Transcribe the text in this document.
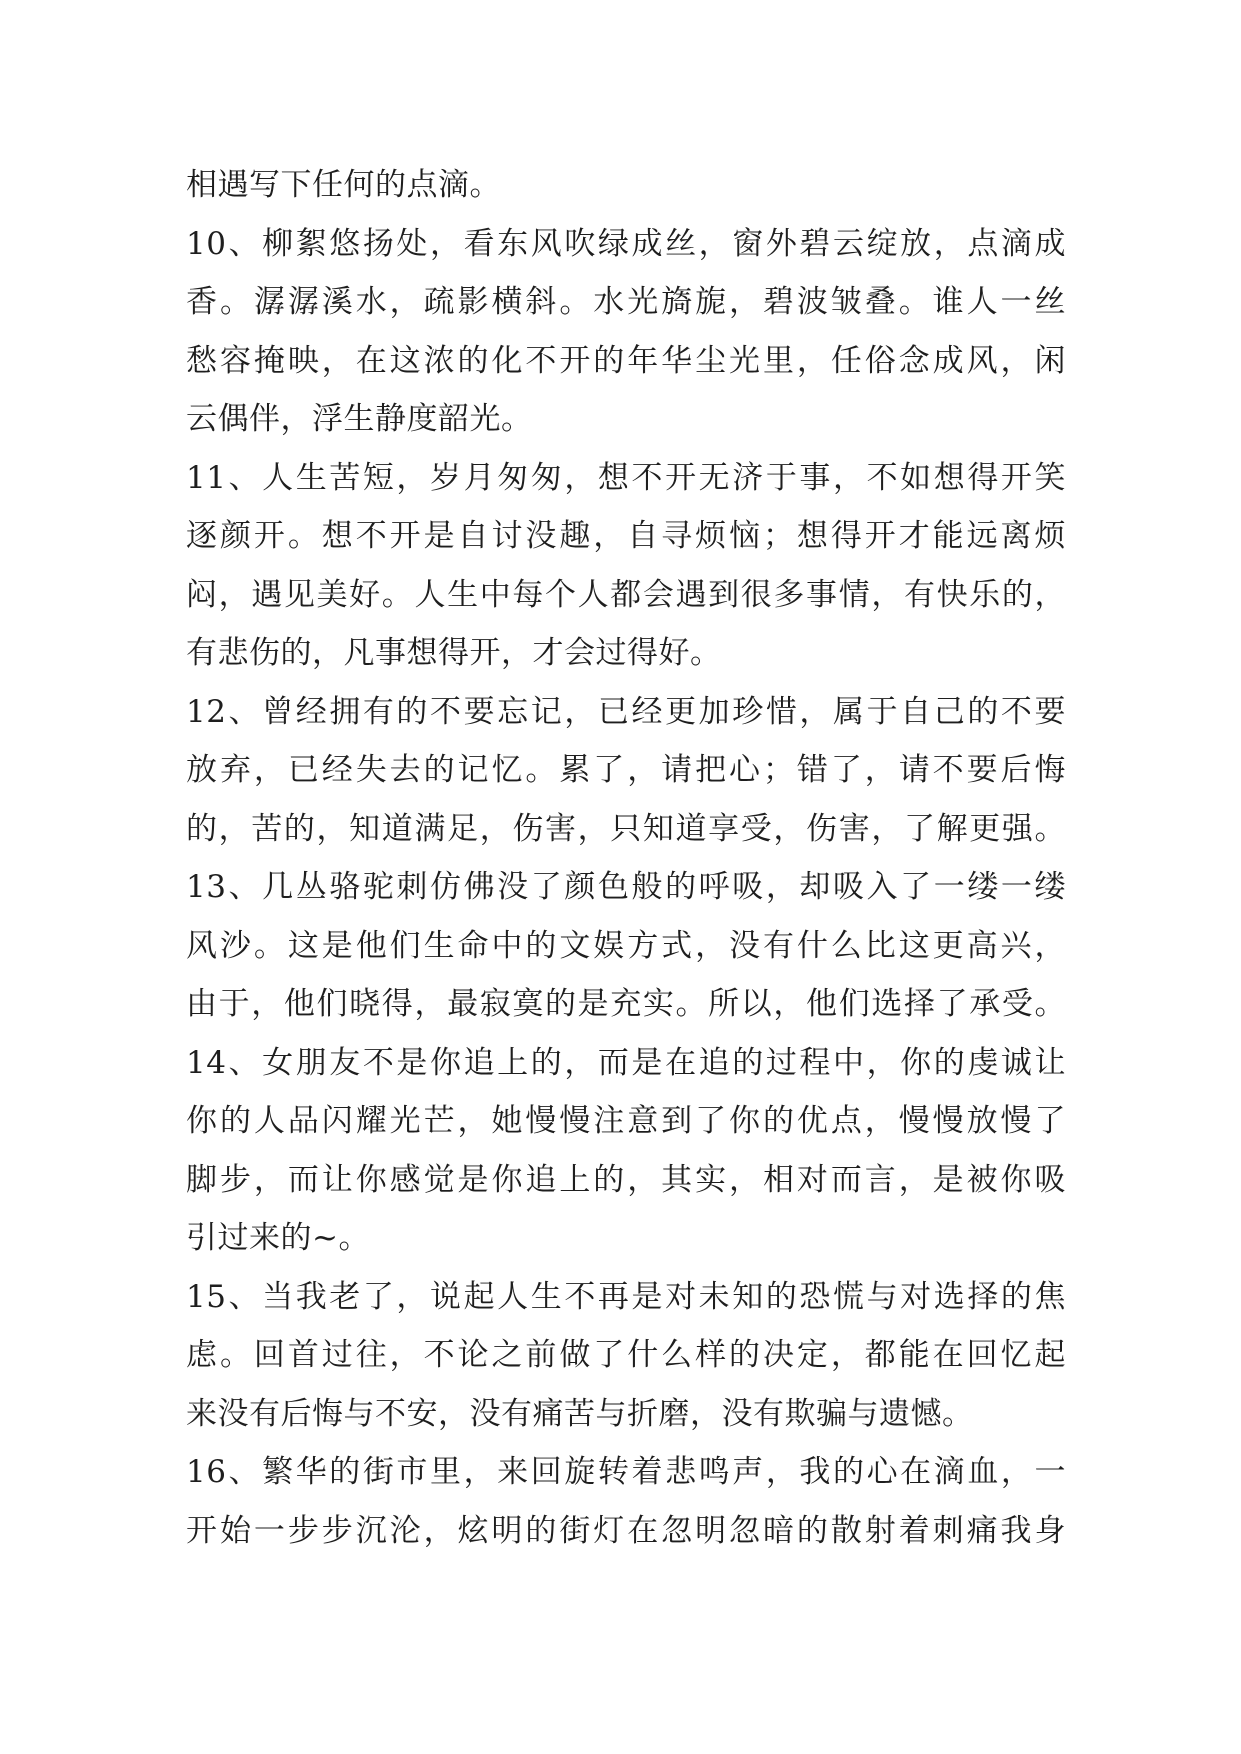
相遇写下任何的点滴。
10、柳絮悠扬处，看东风吹绿成丝，窗外碧云绽放，点滴成
香。潺潺溪水，疏影横斜。水光旖旎，碧波皱叠。谁人一丝
愁容掩映，在这浓的化不开的年华尘光里，任俗念成风，闲
云偶伴，浮生静度韶光。
11、人生苦短，岁月匆匆，想不开无济于事，不如想得开笑
逐颜开。想不开是自讨没趣，自寻烦恼；想得开才能远离烦
闷，遇见美好。人生中每个人都会遇到很多事情，有快乐的，
有悲伤的，凡事想得开，才会过得好。
12、曾经拥有的不要忘记，已经更加珍惜，属于自己的不要
放弃，已经失去的记忆。累了，请把心；错了，请不要后悔
的，苦的，知道满足，伤害，只知道享受，伤害，了解更强。
13、几丛骆驼刺仿佛没了颜色般的呼吸，却吸入了一缕一缕
风沙。这是他们生命中的文娱方式，没有什么比这更高兴，
由于，他们晓得，最寂寞的是充实。所以，他们选择了承受。
14、女朋友不是你追上的，而是在追的过程中，你的虔诚让
你的人品闪耀光芒，她慢慢注意到了你的优点，慢慢放慢了
脚步，而让你感觉是你追上的，其实，相对而言，是被你吸
引过来的~。
15、当我老了，说起人生不再是对未知的恐慌与对选择的焦
虑。回首过往，不论之前做了什么样的决定，都能在回忆起
来没有后悔与不安，没有痛苦与折磨，没有欺骗与遗憾。
16、繁华的街市里，来回旋转着悲鸣声，我的心在滴血，一
开始一步步沉沦，炫明的街灯在忽明忽暗的散射着刺痛我身
